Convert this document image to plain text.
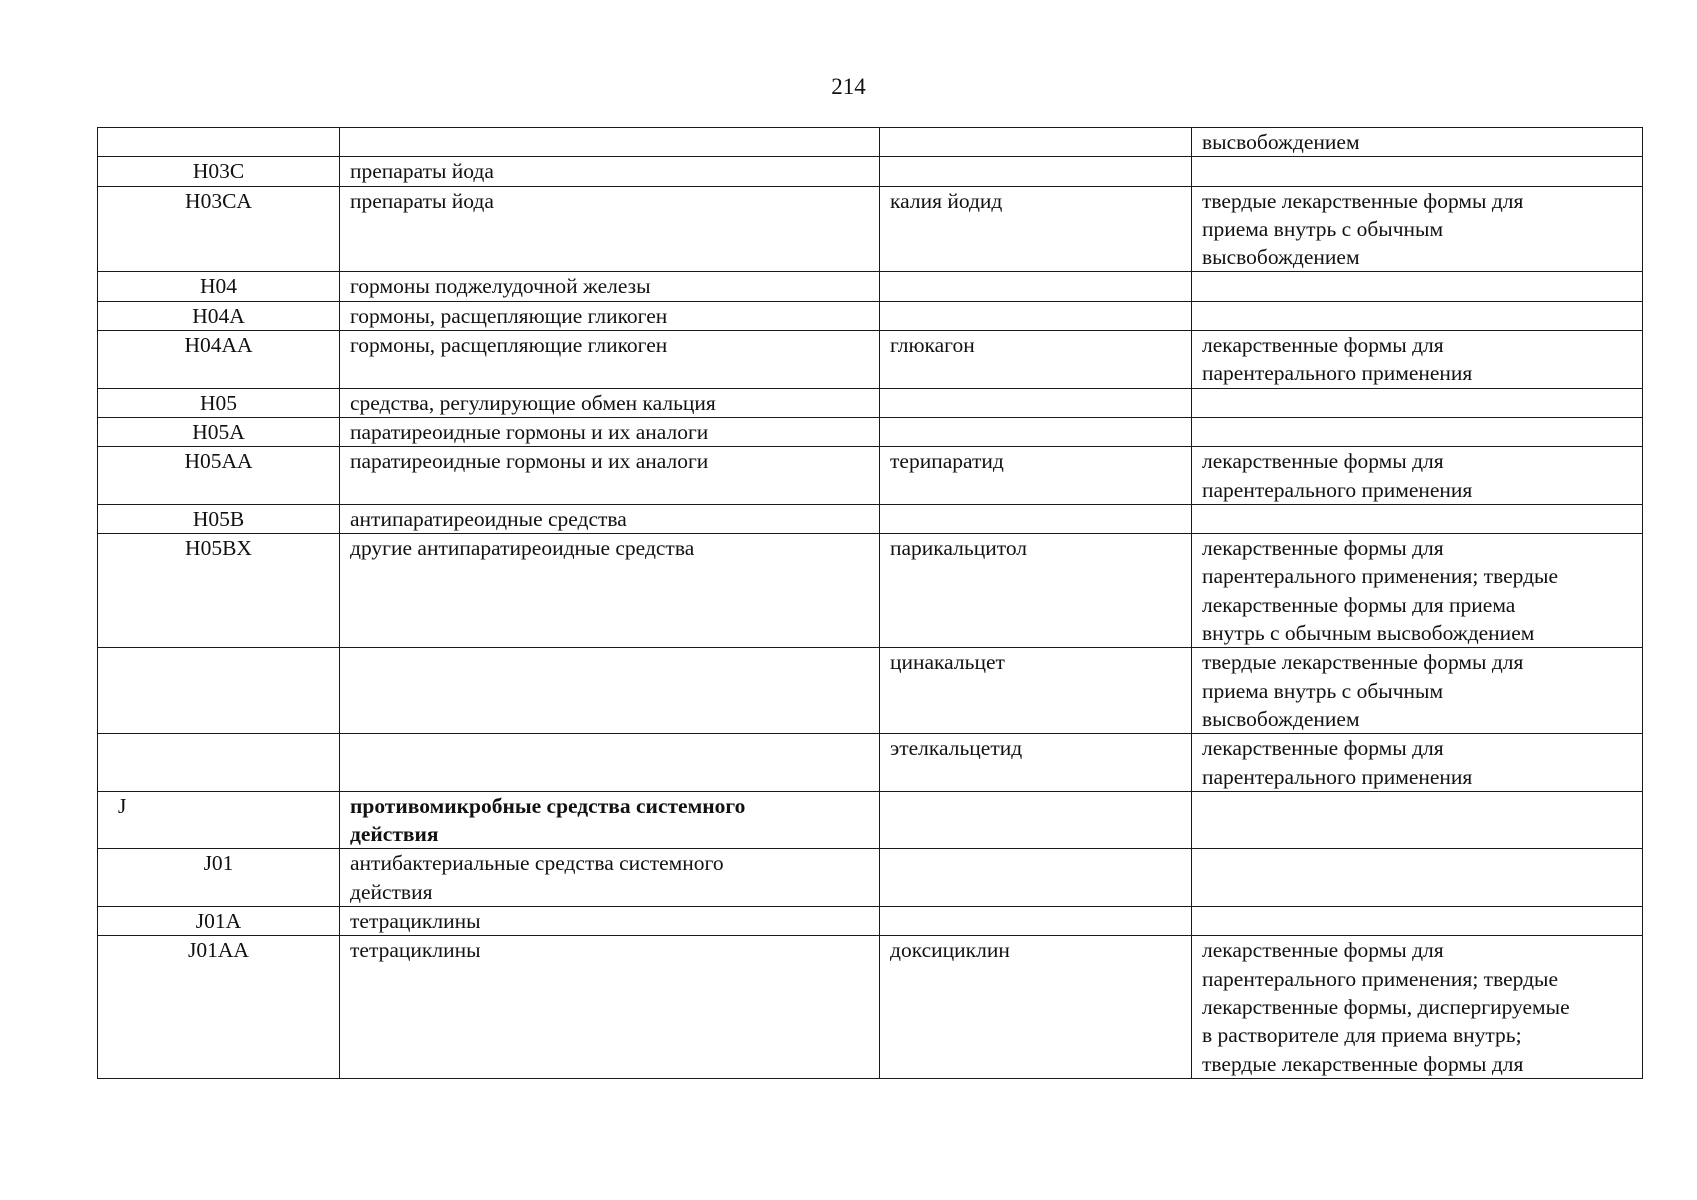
214

			высвобождением

H03C	препараты йода		

H03CA	препараты йода	калия йодид	твердые лекарственные формы для
приема внутрь с обычным
высвобождением

H04	гормоны поджелудочной железы		

H04A	гормоны, расщепляющие гликоген		

H04AA	гормоны, расщепляющие гликоген	глюкагон	лекарственные формы для
парентерального применения

H05	средства, регулирующие обмен кальция		

H05A	паратиреоидные гормоны и их аналоги		

H05AA	паратиреоидные гормоны и их аналоги	терипаратид	лекарственные формы для
парентерального применения

H05B	антипаратиреоидные средства		

H05BX	другие антипаратиреоидные средства	парикальцитол	лекарственные формы для
парентерального применения; твердые
лекарственные формы для приема
внутрь с обычным высвобождением

		цинакальцет	твердые лекарственные формы для
приема внутрь с обычным
высвобождением

		этелкальцетид	лекарственные формы для
парентерального применения

J	противомикробные средства системного
действия		

J01	антибактериальные средства системного
действия		

J01A	тетрациклины		

J01AA	тетрациклины	доксициклин	лекарственные формы для
парентерального применения; твердые
лекарственные формы, диспергируемые
в растворителе для приема внутрь;
твердые лекарственные формы для
